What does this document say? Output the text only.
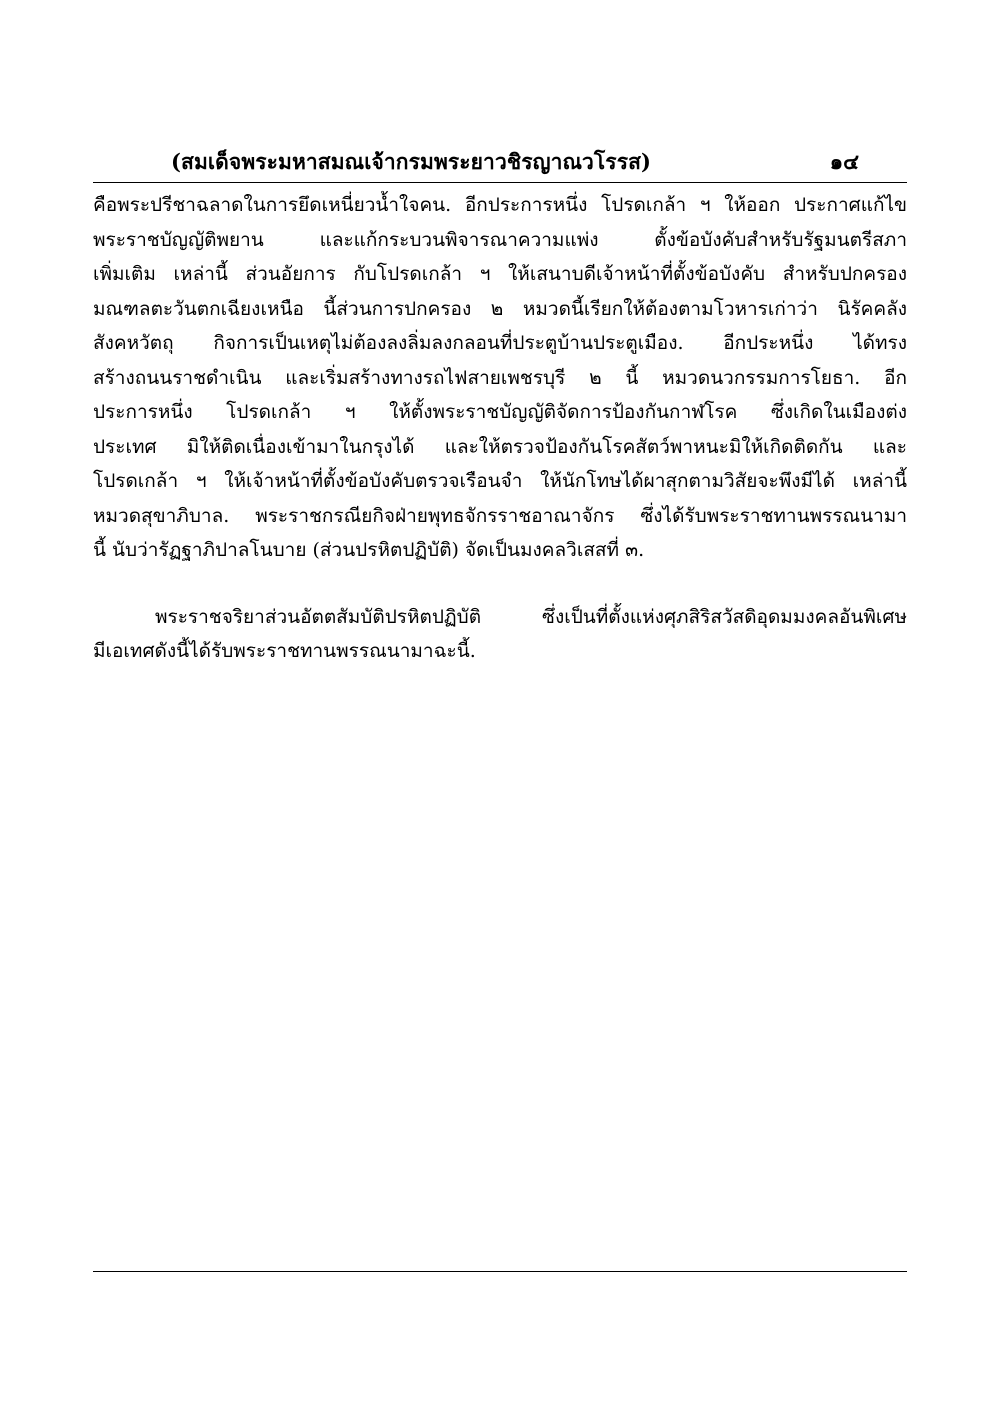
(สมเด็จพระมหาสมณเจ้ากรมพระยาวชิรญาณวโรรส)	๑๔
คือพระปรีชาฉลาดในการยึดเหนี่ยวน้ำใจคน. อีกประการหนึ่ง โปรดเกล้า ฯ ให้ออก ประกาศแก้ไข
พระราชบัญญัติพยาน และแก้กระบวนพิจารณาความแพ่ง ตั้งข้อบังคับสำหรับรัฐมนตรีสภา
เพิ่มเติม เหล่านี้ ส่วนอัยการ กับโปรดเกล้า ฯ ให้เสนาบดีเจ้าหน้าที่ตั้งข้อบังคับ สำหรับปกครอง
มณฑลตะวันตกเฉียงเหนือ นี้ส่วนการปกครอง ๒ หมวดนี้เรียกให้ต้องตามโวหารเก่าว่า นิรัคคลัง
สังคหวัตถุ กิจการเป็นเหตุไม่ต้องลงลิ่มลงกลอนที่ประตูบ้านประตูเมือง. อีกประหนึ่ง ได้ทรง
สร้างถนนราชดำเนิน และเริ่มสร้างทางรถไฟสายเพชรบุรี ๒ นี้ หมวดนวกรรมการโยธา. อีก
ประการหนึ่ง โปรดเกล้า ฯ ให้ตั้งพระราชบัญญัติจัดการป้องกันกาฬโรค ซึ่งเกิดในเมืองต่ง
ประเทศ มิให้ติดเนื่องเข้ามาในกรุงได้ และให้ตรวจป้องกันโรคสัตว์พาหนะมิให้เกิดติดกัน และ
โปรดเกล้า ฯ ให้เจ้าหน้าที่ตั้งข้อบังคับตรวจเรือนจำ ให้นักโทษได้ผาสุกตามวิสัยจะพึงมีได้ เหล่านี้
หมวดสุขาภิบาล. พระราชกรณียกิจฝ่ายพุทธจักรราชอาณาจักร ซึ่งได้รับพระราชทานพรรณนามา
นี้ นับว่ารัฏฐาภิปาลโนบาย (ส่วนปรหิตปฏิบัติ) จัดเป็นมงคลวิเสสที่ ๓.
พระราชจริยาส่วนอัตตสัมบัติปรหิตปฏิบัติ ซึ่งเป็นที่ตั้งแห่งศุภสิริสวัสดิอุดมมงคลอันพิเศษ
มีเอเทศดังนี้ได้รับพระราชทานพรรณนามาฉะนี้.
